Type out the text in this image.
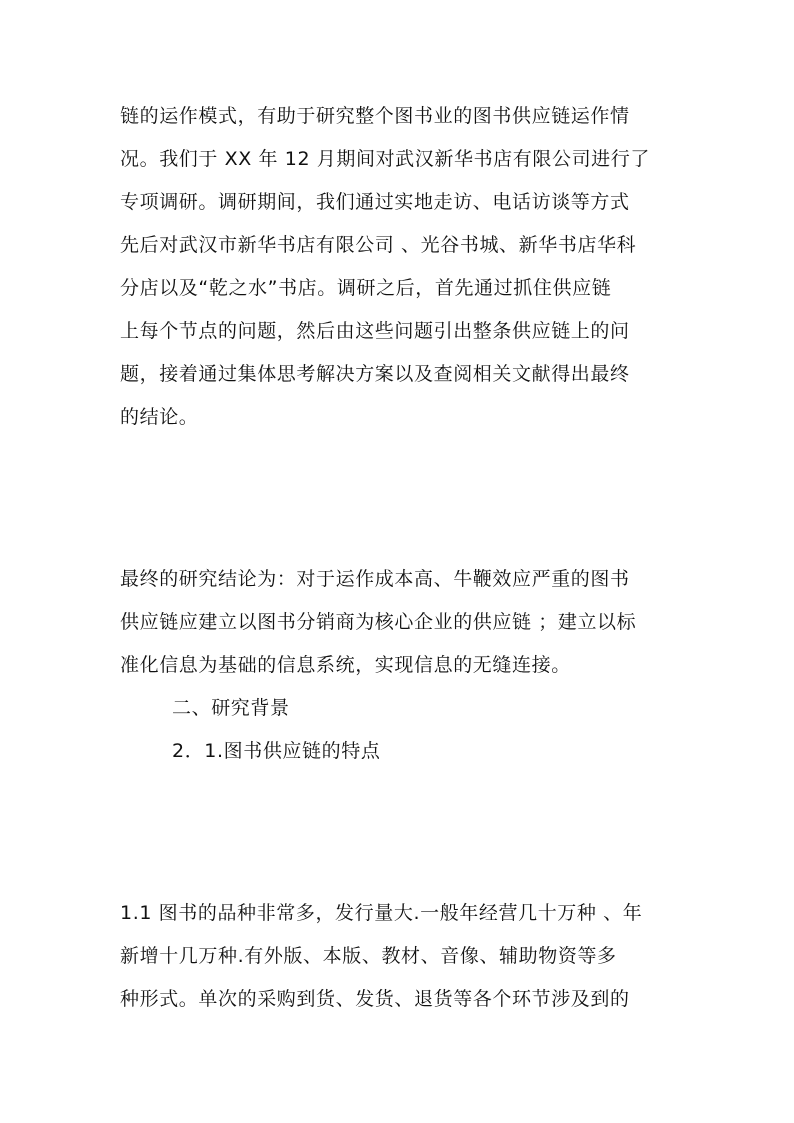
链的运作模式，有助于研究整个图书业的图书供应链运作情

况。我们于 XX 年 12 月期间对武汉新华书店有限公司进行了

专项调研。调研期间，我们通过实地走访、电话访谈等方式

先后对武汉市新华书店有限公司 、光谷书城、新华书店华科

分店以及“乾之水”书店。调研之后，首先通过抓住供应链

上每个节点的问题，然后由这些问题引出整条供应链上的问

题，接着通过集体思考解决方案以及查阅相关文献得出最终

的结论。

最终的研究结论为：对于运作成本高、牛鞭效应严重的图书

供应链应建立以图书分销商为核心企业的供应链 ；建立以标

准化信息为基础的信息系统，实现信息的无缝连接。

二、研究背景

2．1.图书供应链的特点

1.1 图书的品种非常多，发行量大.一般年经营几十万种 、年

新增十几万种.有外版、本版、教材、音像、辅助物资等多

种形式。单次的采购到货、发货、退货等各个环节涉及到的
